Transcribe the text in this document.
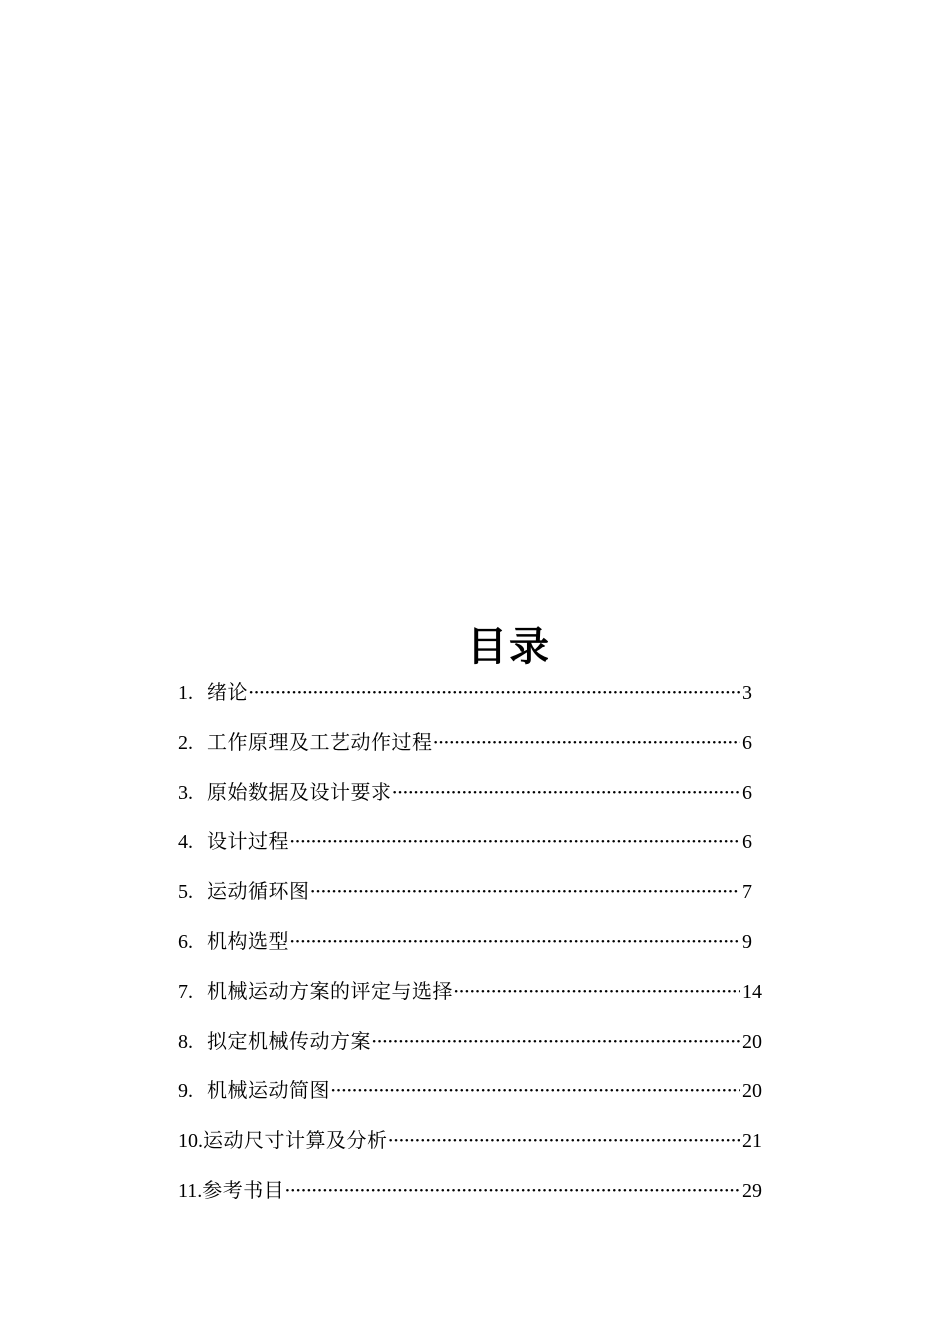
目录
1. 绪论 ·····	3
2. 工作原理及工艺动作过程 ·····	6
3. 原始数据及设计要求 ·····	6
4. 设计过程 ·····	6
5. 运动循环图 ·····	7
6. 机构选型 ·····	9
7. 机械运动方案的评定与选择 ·····	14
8. 拟定机械传动方案 ·····	20
9. 机械运动简图 ·····	20
10. 运动尺寸计算及分析 ·····	21
11. 参考书目 ·····	29
